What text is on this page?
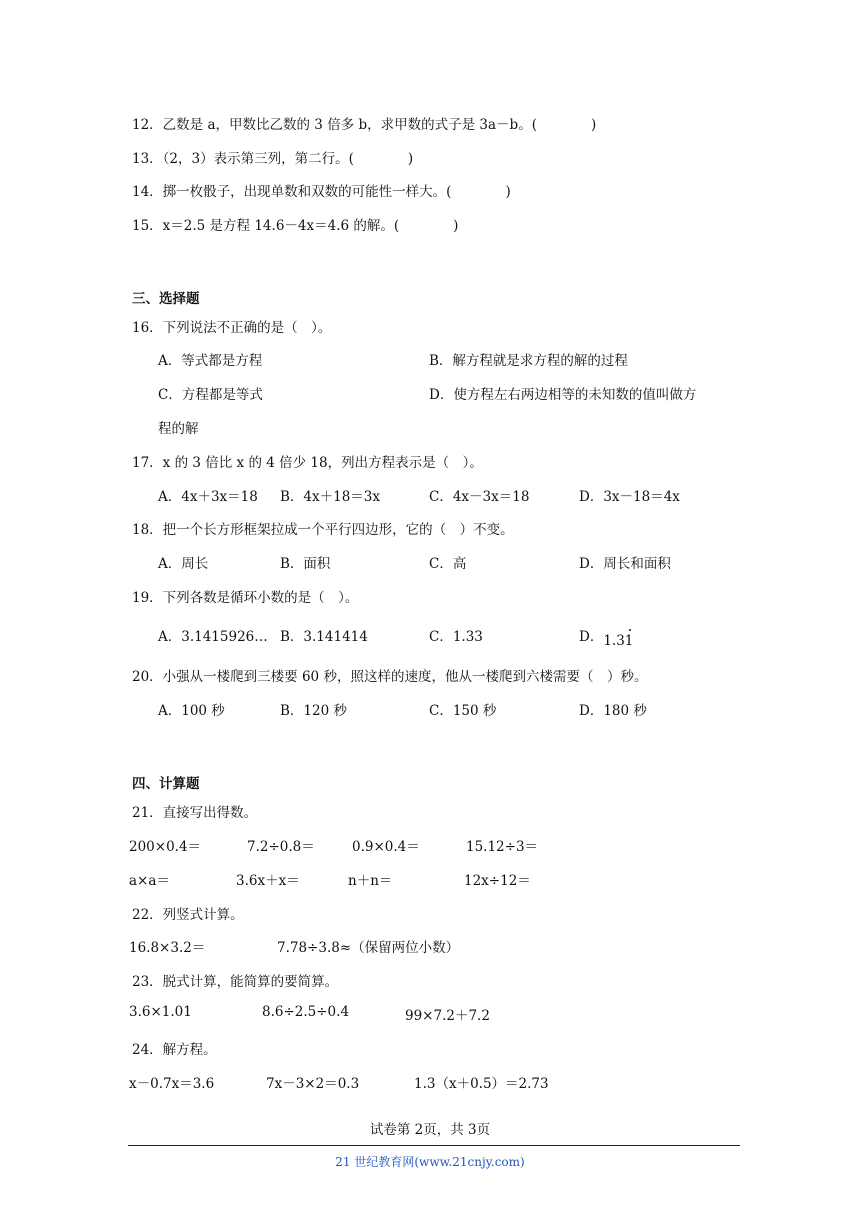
12．乙数是 a，甲数比乙数的 3 倍多 b，求甲数的式子是 3a－b。(　　　　)
13．（2，3）表示第三列，第二行。(　　　　)
14．掷一枚骰子，出现单数和双数的可能性一样大。(　　　　)
15．x＝2.5 是方程 14.6－4x＝4.6 的解。(　　　　)
三、选择题
16．下列说法不正确的是（　）。
A．等式都是方程	B．解方程就是求方程的解的过程
C．方程都是等式	D．使方程左右两边相等的未知数的值叫做方
程的解
17．x 的 3 倍比 x 的 4 倍少 18，列出方程表示是（　）。
A．4x＋3x＝18 B．4x＋18＝3x	C．4x－3x＝18	D．3x－18＝4x
18．把一个长方形框架拉成一个平行四边形，它的（　）不变。
A．周长	B．面积	C．高	D．周长和面积
19．下列各数是循环小数的是（　）。
A．3.1415926… B．3.141414	C．1.33	D．1.31
20．小强从一楼爬到三楼要 60 秒，照这样的速度，他从一楼爬到六楼需要（　）秒。
A．100 秒	B．120 秒	C．150 秒	D．180 秒
四、计算题
21．直接写出得数。
200×0.4＝	7.2÷0.8＝	0.9×0.4＝	15.12÷3＝
a×a＝	3.6x＋x＝	n＋n＝	12x÷12＝
22．列竖式计算。
16.8×3.2＝	7.78÷3.8≈（保留两位小数）
23．脱式计算，能简算的要简算。
3.6×1.01	8.6÷2.5÷0.4	99×7.2＋7.2
24．解方程。
x－0.7x＝3.6	7x－3×2＝0.3	1.3（x＋0.5）＝2.73
试卷第 2页，共 3页
21 世纪教育网(www.21cnjy.com)
